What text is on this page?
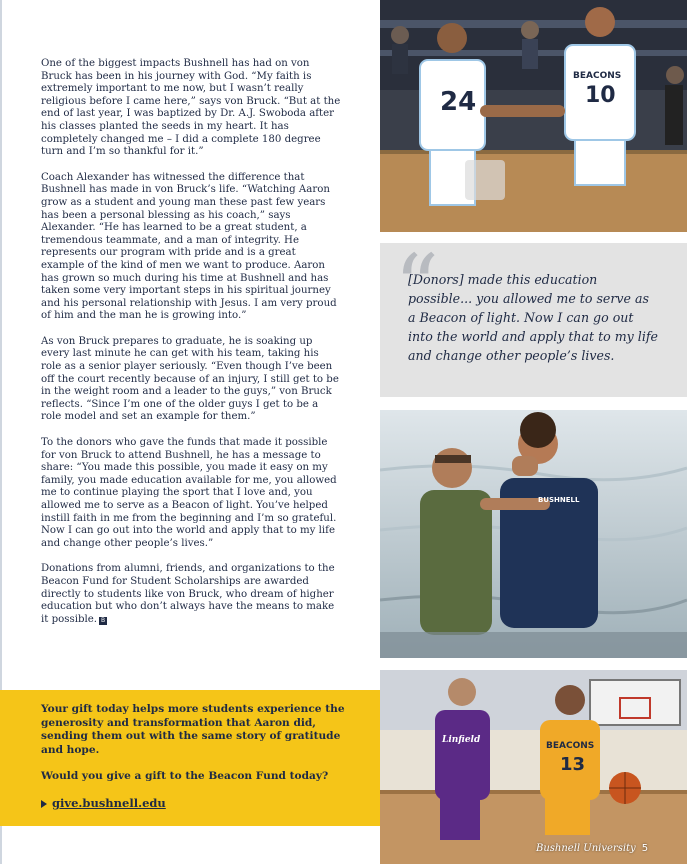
One of the biggest impacts Bushnell has had on von Bruck has been in his journey with God. “My faith is extremely important to me now, but I wasn’t really religious before I came here,” says von Bruck. “But at the end of last year, I was baptized by Dr. A.J. Swoboda after his classes planted the seeds in my heart. It has completely changed me – I did a complete 180 degree turn and I’m so thankful for it.”

Coach Alexander has witnessed the difference that Bushnell has made in von Bruck’s life. “Watching Aaron grow as a student and young man these past few years has been a personal blessing as his coach,” says Alexander. “He has learned to be a great student, a tremendous teammate, and a man of integrity. He represents our program with pride and is a great example of the kind of men we want to produce. Aaron has grown so much during his time at Bushnell and has taken some very important steps in his spiritual journey and his personal relationship with Jesus. I am very proud of him and the man he is growing into.”

As von Bruck prepares to graduate, he is soaking up every last minute he can get with his team, taking his role as a senior player seriously. “Even though I’ve been off the court recently because of an injury, I still get to be in the weight room and a leader to the guys,” von Bruck reflects. “Since I’m one of the older guys I get to be a role model and set an example for them.”

To the donors who gave the funds that made it possible for von Bruck to attend Bushnell, he has a message to share: “You made this possible, you made it easy on my family, you made education available for me, you allowed me to continue playing the sport that I love and, you allowed me to serve as a Beacon of light. You’ve helped instill faith in me from the beginning and I’m so grateful. Now I can go out into the world and apply that to my life and change other people’s lives.”

Donations from alumni, friends, and organizations to the Beacon Fund for Student Scholarships are awarded directly to students like von Bruck, who dream of higher education but who don’t always have the means to make it possible. B

24
BEACONS
10
“
[Donors] made this education possible... you allowed me to serve as a Beacon of light. Now I can go out into the world and apply that to my life and change other people’s lives.
BUSHNELL
Linfield
BEACONS
13

Your gift today helps more students experience the generosity and transformation that Aaron did, sending them out with the same story of gratitude and hope.

Would you give a gift to the Beacon Fund today?

give.bushnell.edu
Bushnell University 5
